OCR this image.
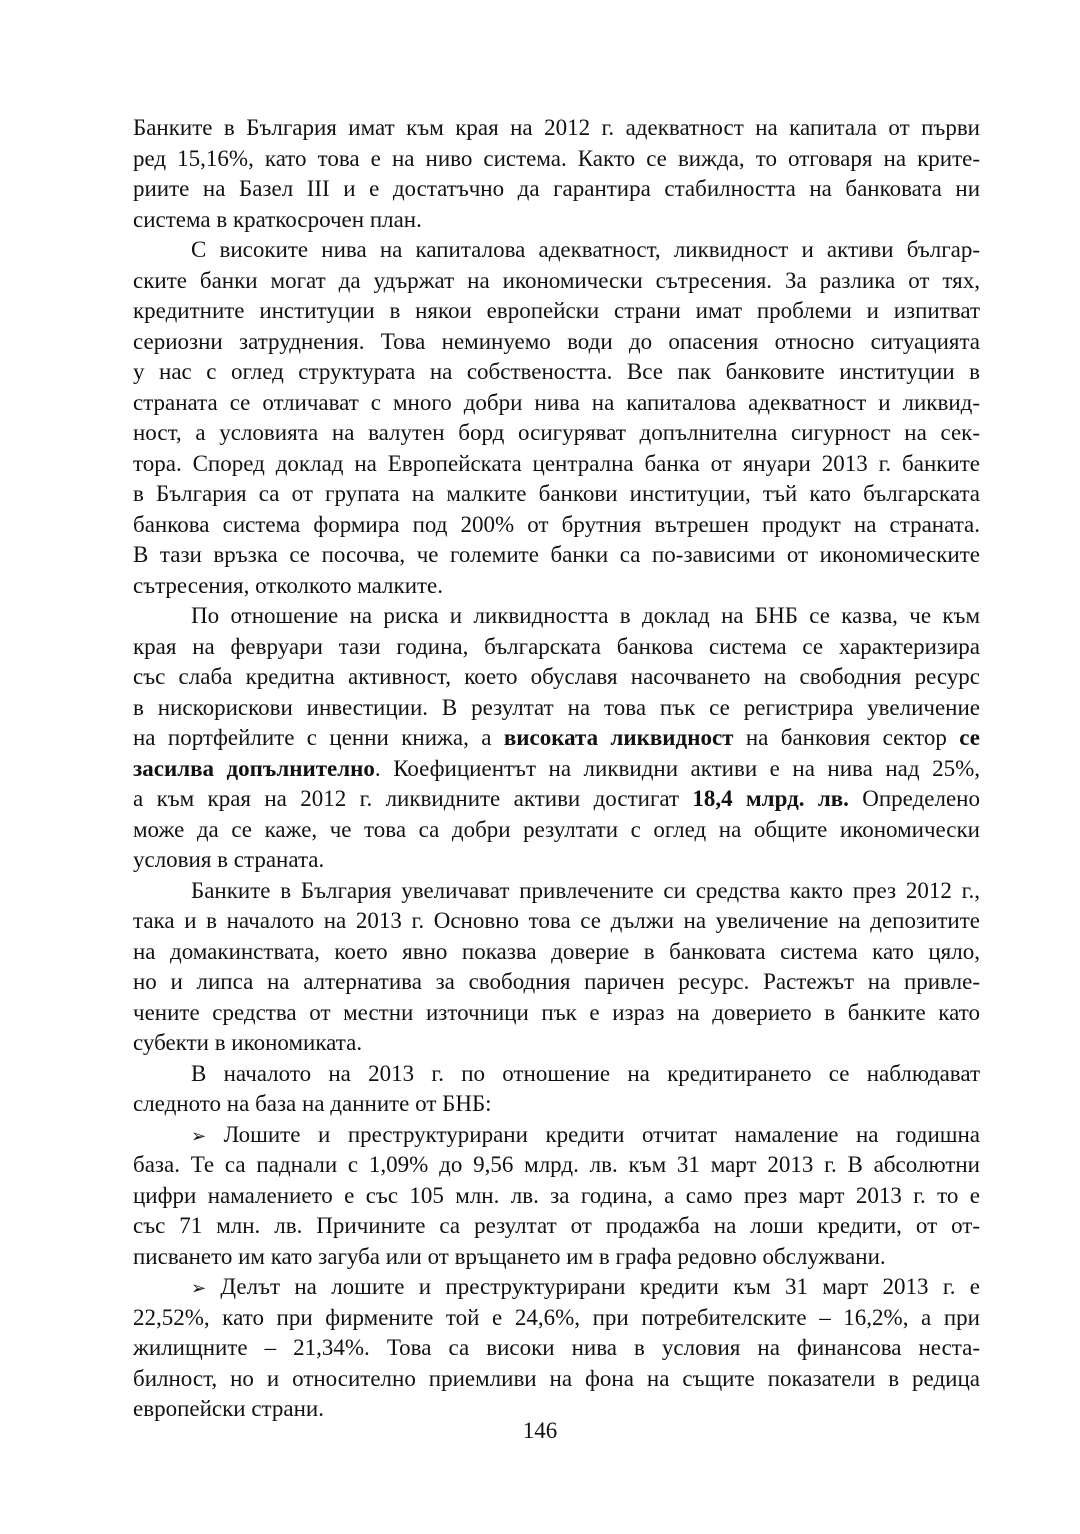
Банките в България имат към края на 2012 г. адекватност на капитала от първи
ред 15,16%, като това е на ниво система. Както се вижда, то отговаря на крите-
риите на Базел III и е достатъчно да гарантира стабилността на банковата ни
система в краткосрочен план.
С високите нива на капиталова адекватност, ликвидност и активи българ-
ските банки могат да удържат на икономически сътресения. За разлика от тях,
кредитните институции в някои европейски страни имат проблеми и изпитват
сериозни затруднения. Това неминуемо води до опасения относно ситуацията
у нас с оглед структурата на собствеността. Все пак банковите институции в
страната се отличават с много добри нива на капиталова адекватност и ликвид-
ност, а условията на валутен борд осигуряват допълнителна сигурност на сек-
тора. Според доклад на Европейската централна банка от януари 2013 г. банките
в България са от групата на малките банкови институции, тъй като българската
банкова система формира под 200% от брутния вътрешен продукт на страната.
В тази връзка се посочва, че големите банки са по-зависими от икономическите
сътресения, отколкото малките.
По отношение на риска и ликвидността в доклад на БНБ се казва, че към
края на февруари тази година, българската банкова система се характеризира
със слаба кредитна активност, което обуславя насочването на свободния ресурс
в нискорискови инвестиции. В резултат на това пък се регистрира увеличение
на портфейлите с ценни книжа, а високата ликвидност на банковия сектор се
засилва допълнително. Коефициентът на ликвидни активи е на нива над 25%,
а към края на 2012 г. ликвидните активи достигат 18,4 млрд. лв. Определено
може да се каже, че това са добри резултати с оглед на общите икономически
условия в страната.
Банките в България увеличават привлечените си средства както през 2012 г.,
така и в началото на 2013 г. Основно това се дължи на увеличение на депозитите
на домакинствата, което явно показва доверие в банковата система като цяло,
но и липса на алтернатива за свободния паричен ресурс. Растежът на привле-
чените средства от местни източници пък е израз на доверието в банките като
субекти в икономиката.
В началото на 2013 г. по отношение на кредитирането се наблюдават
следното на база на данните от БНБ:
➢ Лошите и преструктурирани кредити отчитат намаление на годишна
база. Те са паднали с 1,09% до 9,56 млрд. лв. към 31 март 2013 г. В абсолютни
цифри намалението е със 105 млн. лв. за година, а само през март 2013 г. то е
със 71 млн. лв. Причините са резултат от продажба на лоши кредити, от от-
писването им като загуба или от връщането им в графа редовно обслужвани.
➢ Делът на лошите и преструктурирани кредити към 31 март 2013 г. е
22,52%, като при фирмените той е 24,6%, при потребителските – 16,2%, а при
жилищните – 21,34%. Това са високи нива в условия на финансова неста-
билност, но и относително приемливи на фона на същите показатели в редица
европейски страни.
146
